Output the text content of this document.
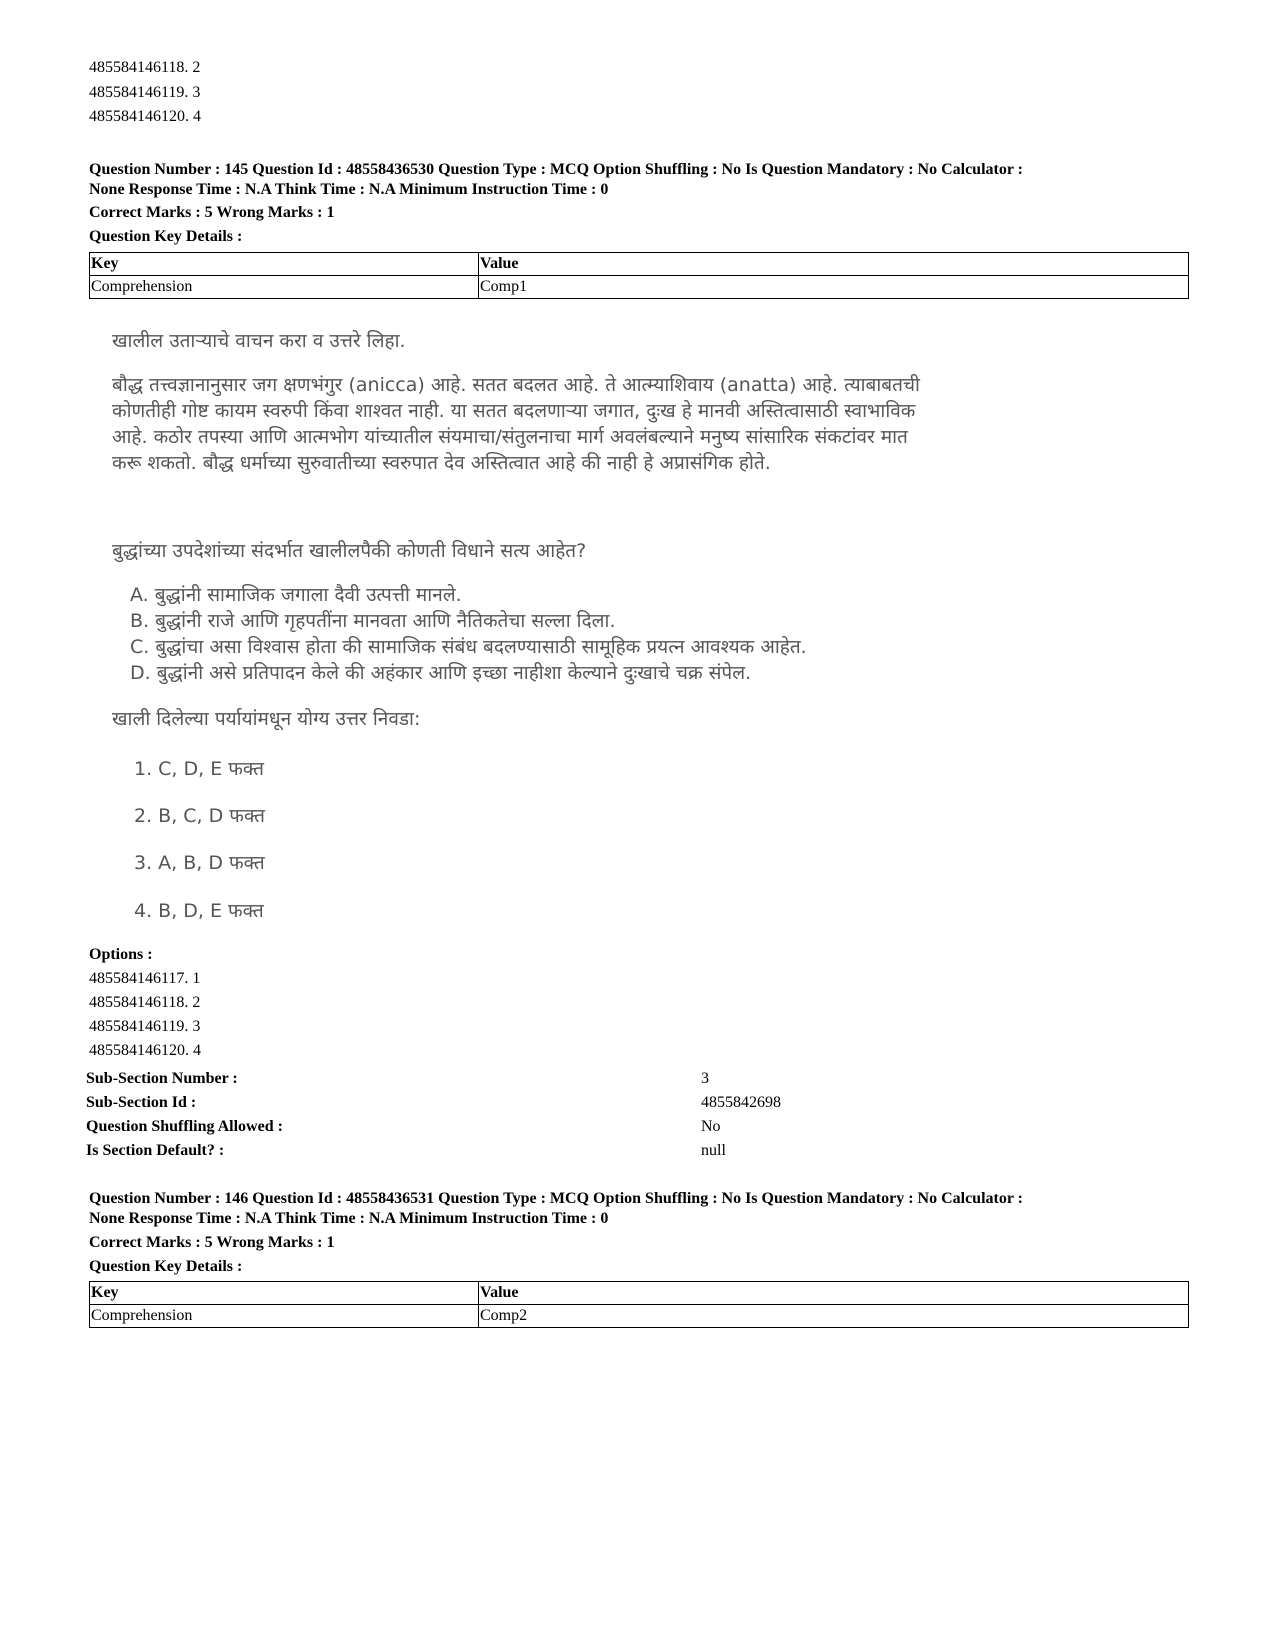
485584146118. 2
485584146119. 3
485584146120. 4
Question Number : 145 Question Id : 48558436530 Question Type : MCQ Option Shuffling : No Is Question Mandatory : No Calculator :
None Response Time : N.A Think Time : N.A Minimum Instruction Time : 0
Correct Marks : 5 Wrong Marks : 1
Question Key Details :
Key	Value
Comprehension	Comp1
खालील उताऱ्याचे वाचन करा व उत्तरे लिहा.
बौद्ध तत्त्वज्ञानानुसार जग क्षणभंगुर (anicca) आहे. सतत बदलत आहे. ते आत्म्याशिवाय (anatta) आहे. त्याबाबतची
कोणतीही गोष्ट कायम स्वरुपी किंवा शाश्वत नाही. या सतत बदलणाऱ्या जगात, दुःख हे मानवी अस्तित्वासाठी स्वाभाविक
आहे. कठोर तपस्या आणि आत्मभोग यांच्यातील संयमाचा/संतुलनाचा मार्ग अवलंबल्याने मनुष्य सांसारिक संकटांवर मात
करू शकतो. बौद्ध धर्माच्या सुरुवातीच्या स्वरुपात देव अस्तित्वात आहे की नाही हे अप्रासंगिक होते.
बुद्धांच्या उपदेशांच्या संदर्भात खालीलपैकी कोणती विधाने सत्य आहेत?
A. बुद्धांनी सामाजिक जगाला दैवी उत्पत्ती मानले.
B. बुद्धांनी राजे आणि गृहपतींना मानवता आणि नैतिकतेचा सल्ला दिला.
C. बुद्धांचा असा विश्वास होता की सामाजिक संबंध बदलण्यासाठी सामूहिक प्रयत्न आवश्यक आहेत.
D. बुद्धांनी असे प्रतिपादन केले की अहंकार आणि इच्छा नाहीशा केल्याने दुःखाचे चक्र संपेल.
खाली दिलेल्या पर्यायांमधून योग्य उत्तर निवडा:
1. C, D, E फक्त
2. B, C, D फक्त
3. A, B, D फक्त
4. B, D, E फक्त
Options :
485584146117. 1
485584146118. 2
485584146119. 3
485584146120. 4
Sub-Section Number :	3
Sub-Section Id :	4855842698
Question Shuffling Allowed :	No
Is Section Default? :	null
Question Number : 146 Question Id : 48558436531 Question Type : MCQ Option Shuffling : No Is Question Mandatory : No Calculator :
None Response Time : N.A Think Time : N.A Minimum Instruction Time : 0
Correct Marks : 5 Wrong Marks : 1
Question Key Details :
Key	Value
Comprehension	Comp2
